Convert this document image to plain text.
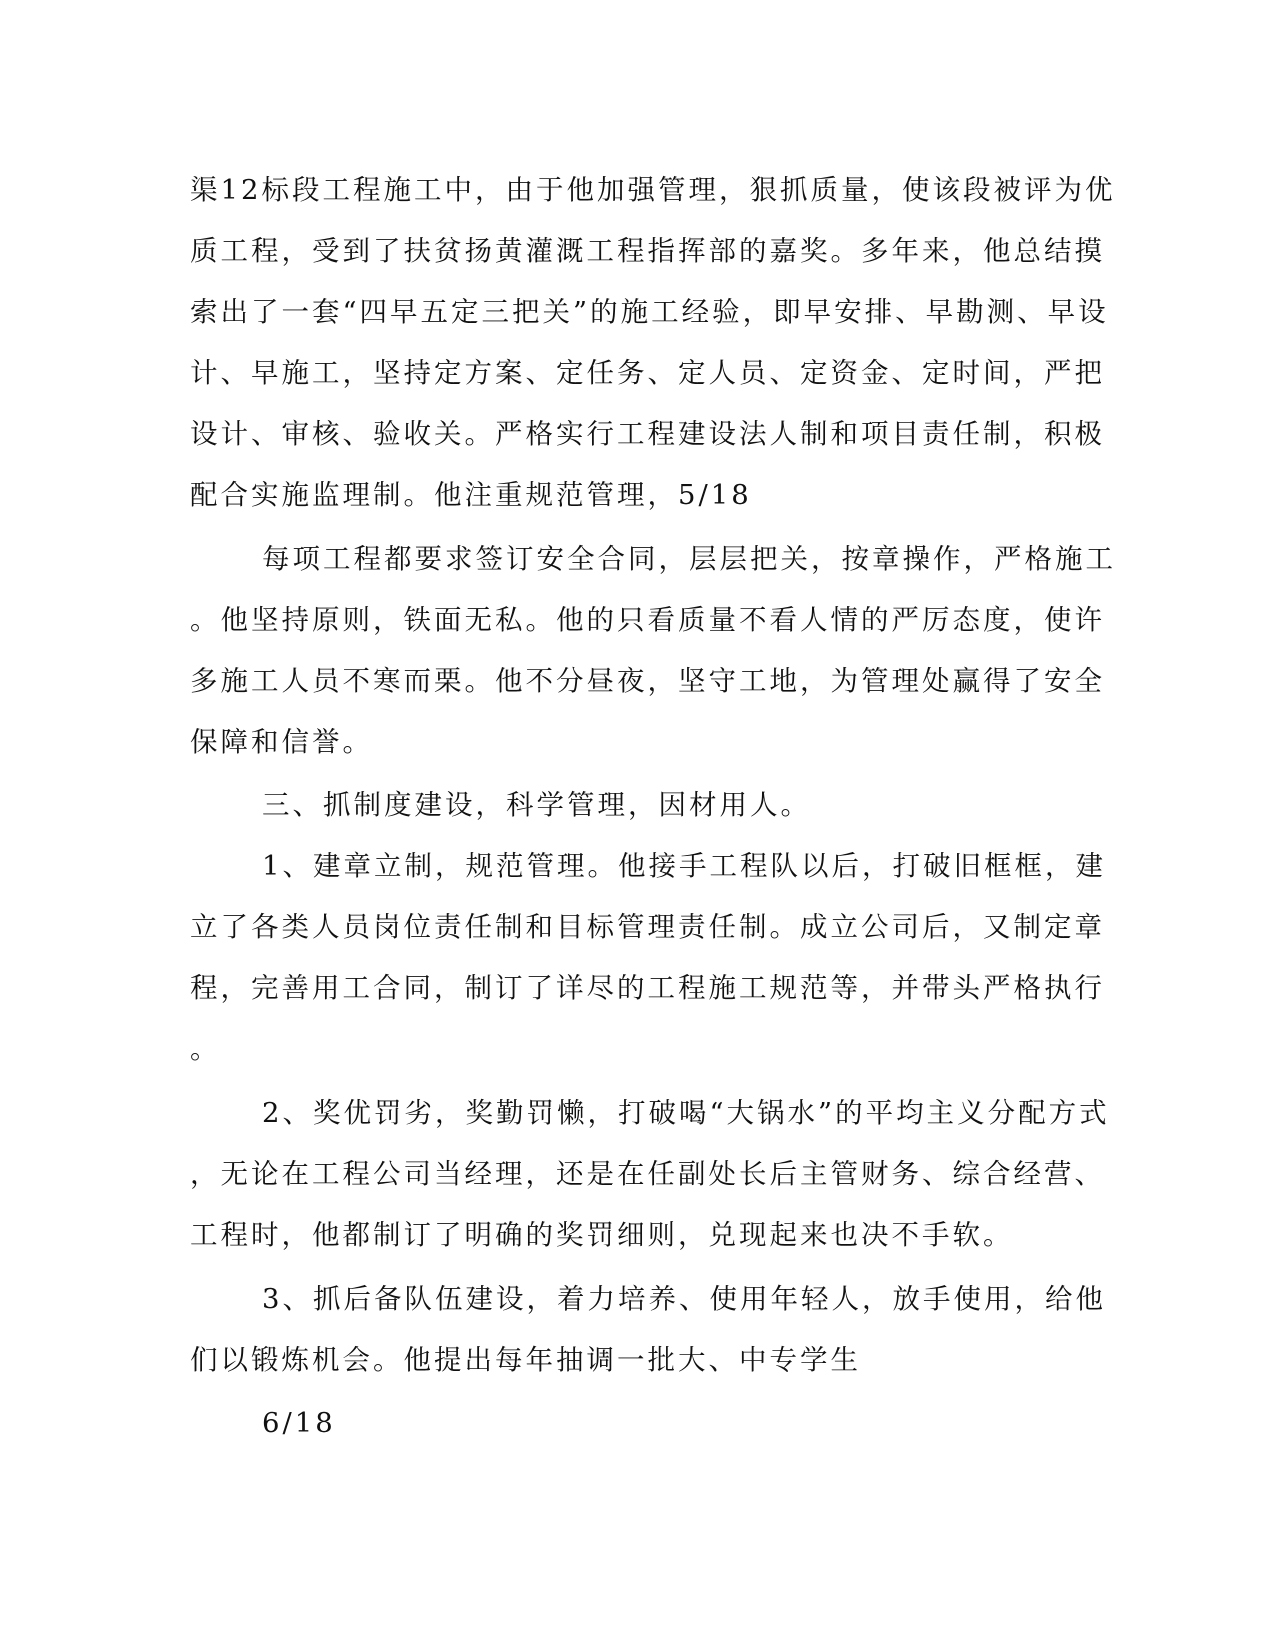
渠12标段工程施工中，由于他加强管理，狠抓质量，使该段被评为优
质工程，受到了扶贫扬黄灌溉工程指挥部的嘉奖。多年来，他总结摸
索出了一套“四早五定三把关”的施工经验，即早安排、早勘测、早设
计、早施工，坚持定方案、定任务、定人员、定资金、定时间，严把
设计、审核、验收关。严格实行工程建设法人制和项目责任制，积极
配合实施监理制。他注重规范管理，5/18
每项工程都要求签订安全合同，层层把关，按章操作，严格施工
。他坚持原则，铁面无私。他的只看质量不看人情的严厉态度，使许
多施工人员不寒而栗。他不分昼夜，坚守工地，为管理处赢得了安全
保障和信誉。
三、抓制度建设，科学管理，因材用人。
1、建章立制，规范管理。他接手工程队以后，打破旧框框，建
立了各类人员岗位责任制和目标管理责任制。成立公司后，又制定章
程，完善用工合同，制订了详尽的工程施工规范等，并带头严格执行
。
2、奖优罚劣，奖勤罚懒，打破喝“大锅水”的平均主义分配方式
，无论在工程公司当经理，还是在任副处长后主管财务、综合经营、
工程时，他都制订了明确的奖罚细则，兑现起来也决不手软。
3、抓后备队伍建设，着力培养、使用年轻人，放手使用，给他
们以锻炼机会。他提出每年抽调一批大、中专学生
6/18
